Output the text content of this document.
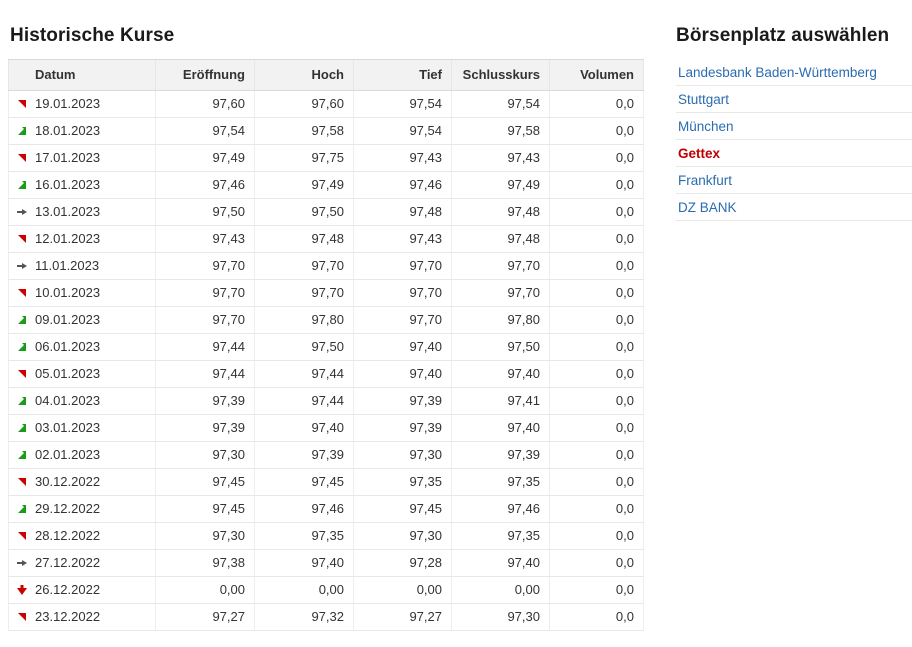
Historische Kurse
Datum	Eröffnung	Hoch	Tief	Schlusskurs	Volumen

19.01.2023	97,60	97,60	97,54	97,54	0,0

18.01.2023	97,54	97,58	97,54	97,58	0,0

17.01.2023	97,49	97,75	97,43	97,43	0,0

16.01.2023	97,46	97,49	97,46	97,49	0,0

13.01.2023	97,50	97,50	97,48	97,48	0,0

12.01.2023	97,43	97,48	97,43	97,48	0,0

11.01.2023	97,70	97,70	97,70	97,70	0,0

10.01.2023	97,70	97,70	97,70	97,70	0,0

09.01.2023	97,70	97,80	97,70	97,80	0,0

06.01.2023	97,44	97,50	97,40	97,50	0,0

05.01.2023	97,44	97,44	97,40	97,40	0,0

04.01.2023	97,39	97,44	97,39	97,41	0,0

03.01.2023	97,39	97,40	97,39	97,40	0,0

02.01.2023	97,30	97,39	97,30	97,39	0,0

30.12.2022	97,45	97,45	97,35	97,35	0,0

29.12.2022	97,45	97,46	97,45	97,46	0,0

28.12.2022	97,30	97,35	97,30	97,35	0,0

27.12.2022	97,38	97,40	97,28	97,40	0,0

26.12.2022	0,00	0,00	0,00	0,00	0,0

23.12.2022	97,27	97,32	97,27	97,30	0,0
Börsenplatz auswählen
Landesbank Baden-Württemberg
Stuttgart
München
Gettex
Frankfurt
DZ BANK
